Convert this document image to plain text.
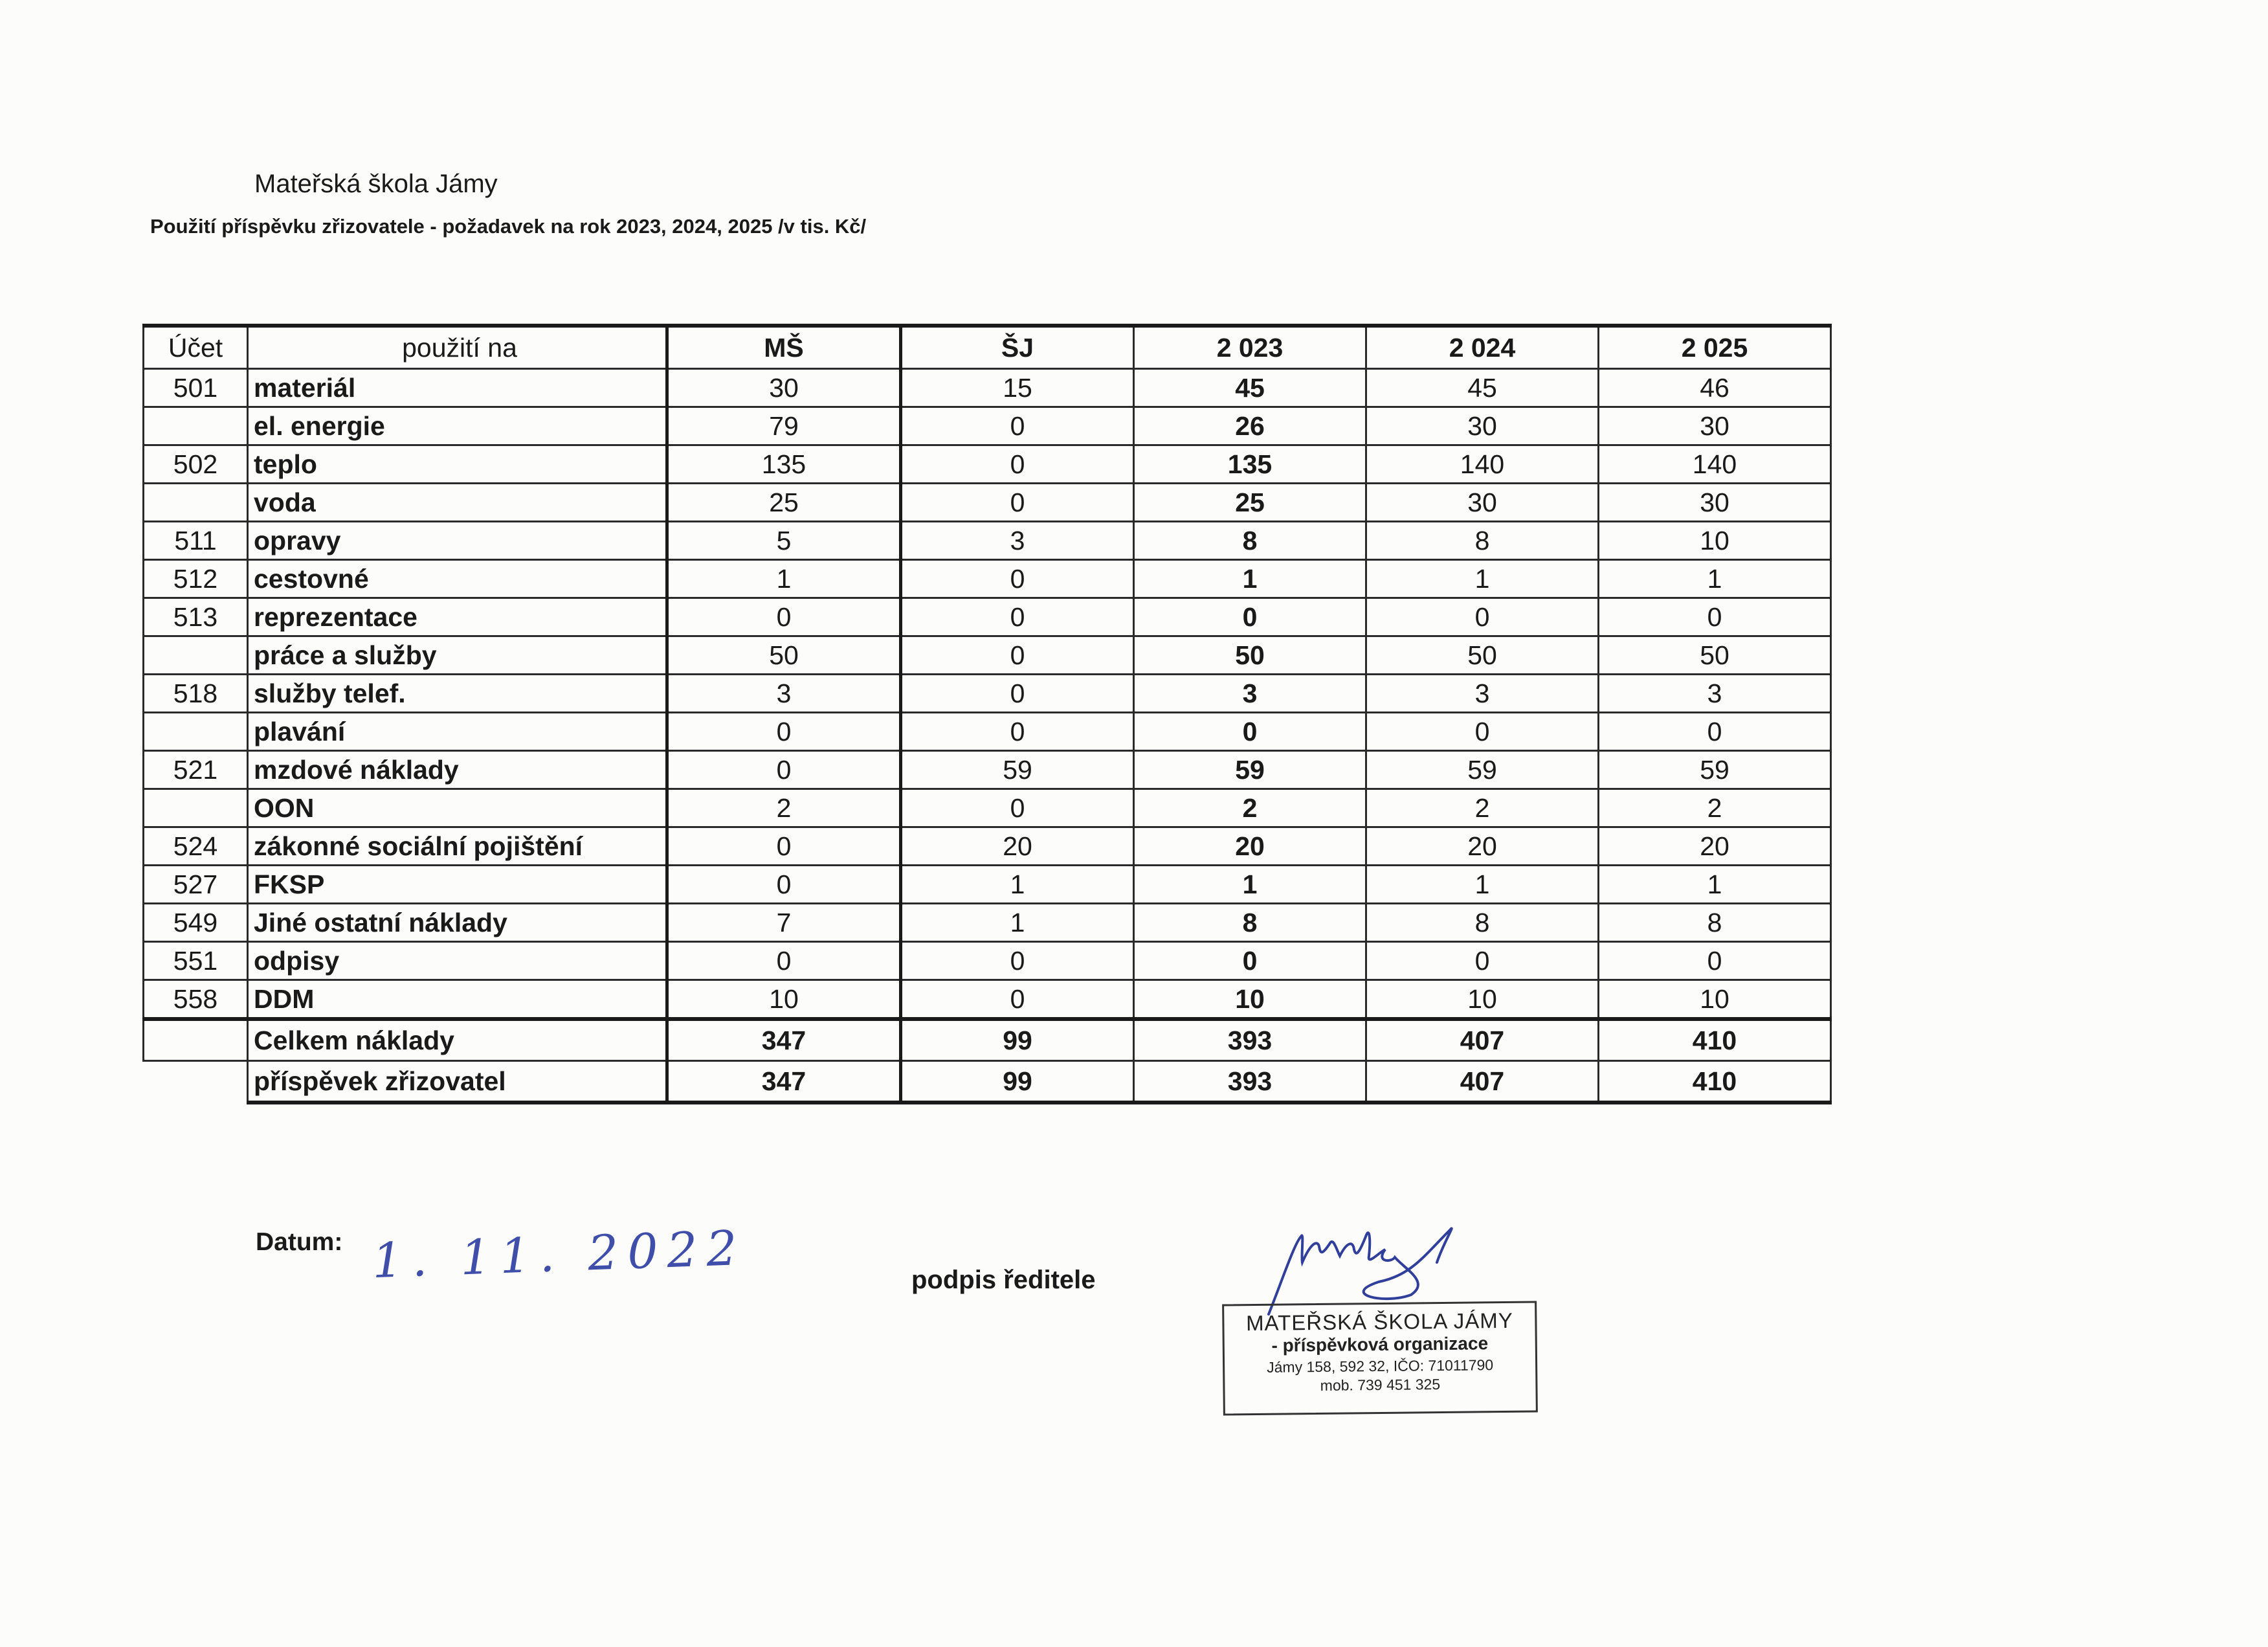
Mateřská škola Jámy
Použití příspěvku zřizovatele - požadavek na rok 2023, 2024, 2025 /v tis. Kč/
Účet	použití na	MŠ	ŠJ	2 023	2 024	2 025
501	materiál	30	15	45	45	46
	el. energie	79	0	26	30	30
502	teplo	135	0	135	140	140
	voda	25	0	25	30	30
511	opravy	5	3	8	8	10
512	cestovné	1	0	1	1	1
513	reprezentace	0	0	0	0	0
	práce a služby	50	0	50	50	50
518	služby telef.	3	0	3	3	3
	plavání	0	0	0	0	0
521	mzdové náklady	0	59	59	59	59
	OON	2	0	2	2	2
524	zákonné sociální pojištění	0	20	20	20	20
527	FKSP	0	1	1	1	1
549	Jiné ostatní náklady	7	1	8	8	8
551	odpisy	0	0	0	0	0
558	DDM	10	0	10	10	10
	Celkem náklady	347	99	393	407	410
	příspěvek zřizovatel	347	99	393	407	410
Datum: 1. 11. 2022	podpis ředitele
MATEŘSKÁ ŠKOLA JÁMY
- příspěvková organizace
Jámy 158, 592 32, IČO: 71011790
mob. 739 451 325
